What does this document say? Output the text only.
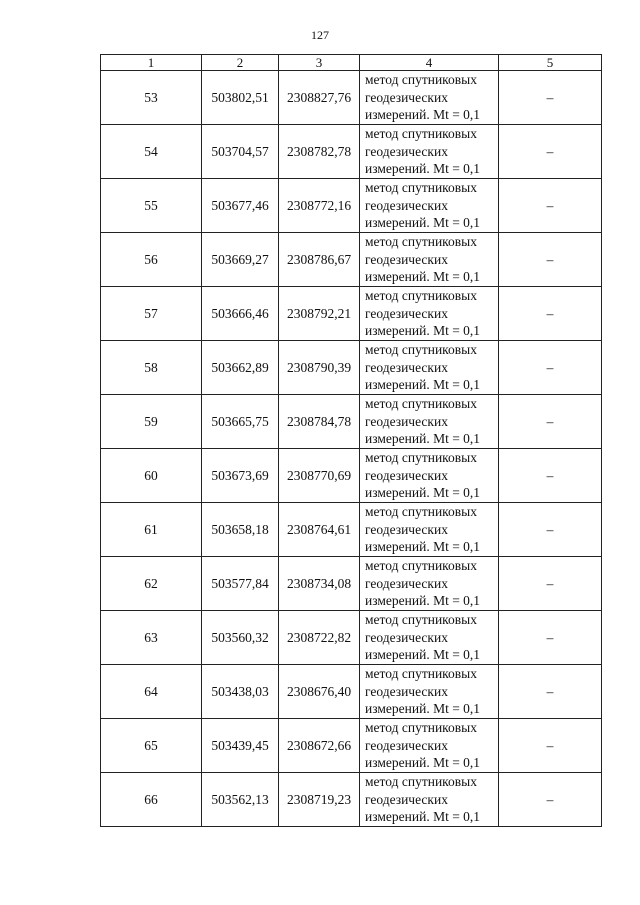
127
1	2	3	4	5
53	503802,51	2308827,76	метод спутниковых
геодезических
измерений. Mt = 0,1	–
54	503704,57	2308782,78	метод спутниковых
геодезических
измерений. Mt = 0,1	–
55	503677,46	2308772,16	метод спутниковых
геодезических
измерений. Mt = 0,1	–
56	503669,27	2308786,67	метод спутниковых
геодезических
измерений. Mt = 0,1	–
57	503666,46	2308792,21	метод спутниковых
геодезических
измерений. Mt = 0,1	–
58	503662,89	2308790,39	метод спутниковых
геодезических
измерений. Mt = 0,1	–
59	503665,75	2308784,78	метод спутниковых
геодезических
измерений. Mt = 0,1	–
60	503673,69	2308770,69	метод спутниковых
геодезических
измерений. Mt = 0,1	–
61	503658,18	2308764,61	метод спутниковых
геодезических
измерений. Mt = 0,1	–
62	503577,84	2308734,08	метод спутниковых
геодезических
измерений. Mt = 0,1	–
63	503560,32	2308722,82	метод спутниковых
геодезических
измерений. Mt = 0,1	–
64	503438,03	2308676,40	метод спутниковых
геодезических
измерений. Mt = 0,1	–
65	503439,45	2308672,66	метод спутниковых
геодезических
измерений. Mt = 0,1	–
66	503562,13	2308719,23	метод спутниковых
геодезических
измерений. Mt = 0,1	–
